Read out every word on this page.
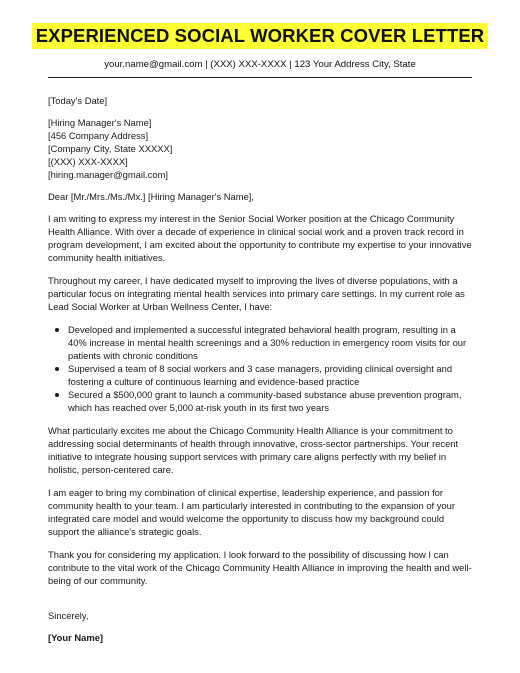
EXPERIENCED SOCIAL WORKER COVER LETTER
your.name@gmail.com | (XXX) XXX-XXXX | 123 Your Address City, State

[Today's Date]

[Hiring Manager's Name]

[456 Company Address]

[Company City, State XXXXX]

[(XXX) XXX-XXXX]

[hiring.manager@gmail.com]

Dear [Mr./Mrs./Ms./Mx.] [Hiring Manager's Name],

I am writing to express my interest in the Senior Social Worker position at the Chicago Community Health Alliance. With over a decade of experience in clinical social work and a proven track record in program development, I am excited about the opportunity to contribute my expertise to your innovative community health initiatives.

Throughout my career, I have dedicated myself to improving the lives of diverse populations, with a particular focus on integrating mental health services into primary care settings. In my current role as Lead Social Worker at Urban Wellness Center, I have:

Developed and implemented a successful integrated behavioral health program, resulting in a 40% increase in mental health screenings and a 30% reduction in emergency room visits for our patients with chronic conditions
Supervised a team of 8 social workers and 3 case managers, providing clinical oversight and fostering a culture of continuous learning and evidence-based practice
Secured a $500,000 grant to launch a community-based substance abuse prevention program, which has reached over 5,000 at-risk youth in its first two years

What particularly excites me about the Chicago Community Health Alliance is your commitment to addressing social determinants of health through innovative, cross-sector partnerships. Your recent initiative to integrate housing support services with primary care aligns perfectly with my belief in holistic, person-centered care.

I am eager to bring my combination of clinical expertise, leadership experience, and passion for community health to your team. I am particularly interested in contributing to the expansion of your integrated care model and would welcome the opportunity to discuss how my background could support the alliance's strategic goals.

Thank you for considering my application. I look forward to the possibility of discussing how I can contribute to the vital work of the Chicago Community Health Alliance in improving the health and well-being of our community.

Sincerely,

[Your Name]
